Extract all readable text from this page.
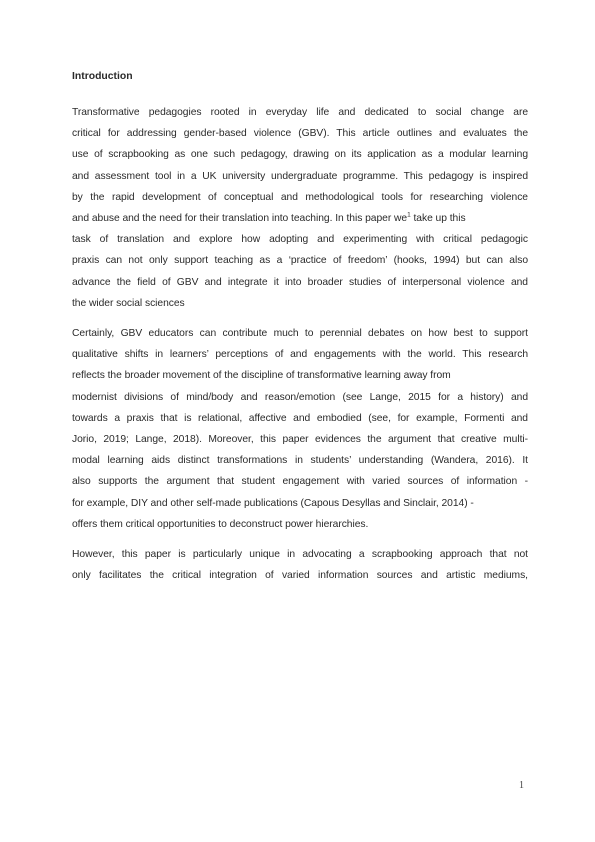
Introduction
Transformative pedagogies rooted in everyday life and dedicated to social change are
critical for addressing gender-based violence (GBV). This article outlines and evaluates the
use of scrapbooking as one such pedagogy, drawing on its application as a modular learning
and assessment tool in a UK university undergraduate programme. This pedagogy is inspired
by the rapid development of conceptual and methodological tools for researching violence
and abuse and the need for their translation into teaching. In this paper $we^1$ take up this
task of translation and explore how adopting and experimenting with critical pedagogic
praxis can not only support teaching as a ‘practice of freedom’ (hooks, 1994) but can also
advance the field of GBV and integrate it into broader studies of interpersonal violence and
the wider social sciences
Certainly, GBV educators can contribute much to perennial debates on how best to support
qualitative shifts in learners’ perceptions of and engagements with the world. This research
reflects the broader movement of the discipline of transformative learning away from
modernist divisions of mind/body and reason/emotion (see Lange, 2015 for a history) and
towards a praxis that is relational, affective and embodied (see, for example, Formenti and
Jorio, 2019; Lange, 2018). Moreover, this paper evidences the argument that creative multi-
modal learning aids distinct transformations in students’ understanding (Wandera, 2016). It
also supports the argument that student engagement with varied sources of information -
for example, DIY and other self-made publications (Capous Desyllas and Sinclair, 2014) -
offers them critical opportunities to deconstruct power hierarchies.
However, this paper is particularly unique in advocating a scrapbooking approach that not
only facilitates the critical integration of varied information sources and artistic mediums,
1
